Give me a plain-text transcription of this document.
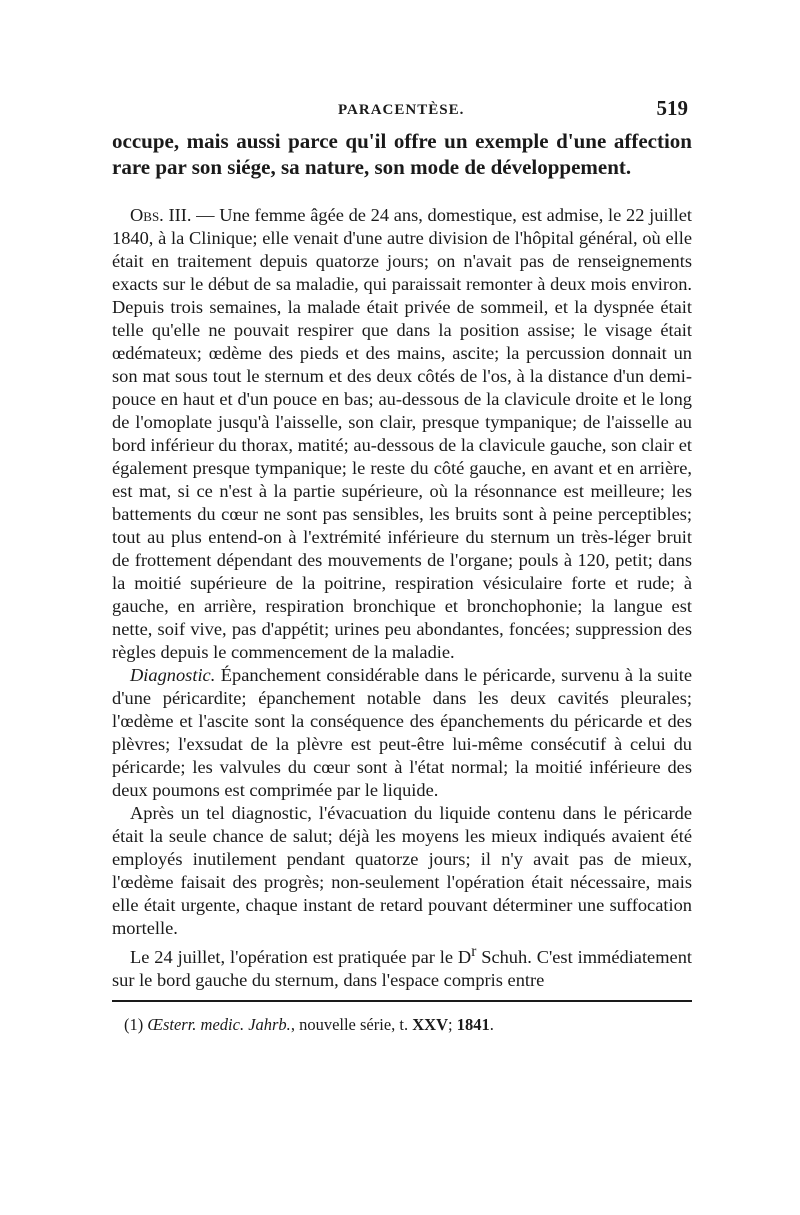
PARACENTÈSE.	519

occupe, mais aussi parce qu'il offre un exemple d'une affection rare par son siége, sa nature, son mode de développement.

Obs. III. — Une femme âgée de 24 ans, domestique, est admise, le 22 juillet 1840, à la Clinique; elle venait d'une autre division de l'hôpital général, où elle était en traitement depuis quatorze jours; on n'avait pas de renseignements exacts sur le début de sa maladie, qui paraissait remonter à deux mois environ. Depuis trois semaines, la malade était privée de sommeil, et la dyspnée était telle qu'elle ne pouvait respirer que dans la position assise; le visage était œdémateux; œdème des pieds et des mains, ascite; la percussion donnait un son mat sous tout le sternum et des deux côtés de l'os, à la distance d'un demi-pouce en haut et d'un pouce en bas; au-dessous de la clavicule droite et le long de l'omoplate jusqu'à l'aisselle, son clair, presque tympanique; de l'aisselle au bord inférieur du thorax, matité; au-dessous de la clavicule gauche, son clair et également presque tympanique; le reste du côté gauche, en avant et en arrière, est mat, si ce n'est à la partie supérieure, où la résonnance est meilleure; les battements du cœur ne sont pas sensibles, les bruits sont à peine perceptibles; tout au plus entend-on à l'extrémité inférieure du sternum un très-léger bruit de frottement dépendant des mouvements de l'organe; pouls à 120, petit; dans la moitié supérieure de la poitrine, respiration vésiculaire forte et rude; à gauche, en arrière, respiration bronchique et bronchophonie; la langue est nette, soif vive, pas d'appétit; urines peu abondantes, foncées; suppression des règles depuis le commencement de la maladie.

Diagnostic. Épanchement considérable dans le péricarde, survenu à la suite d'une péricardite; épanchement notable dans les deux cavités pleurales; l'œdème et l'ascite sont la conséquence des épanchements du péricarde et des plèvres; l'exsudat de la plèvre est peut-être lui-même consécutif à celui du péricarde; les valvules du cœur sont à l'état normal; la moitié inférieure des deux poumons est comprimée par le liquide.

Après un tel diagnostic, l'évacuation du liquide contenu dans le péricarde était la seule chance de salut; déjà les moyens les mieux indiqués avaient été employés inutilement pendant quatorze jours; il n'y avait pas de mieux, l'œdème faisait des progrès; non-seulement l'opération était nécessaire, mais elle était urgente, chaque instant de retard pouvant déterminer une suffocation mortelle.

Le 24 juillet, l'opération est pratiquée par le $D^r$ Schuh. C'est immédiatement sur le bord gauche du sternum, dans l'espace compris entre

(1) Œsterr. medic. Jahrb., nouvelle série, t. XXV; 1841.
